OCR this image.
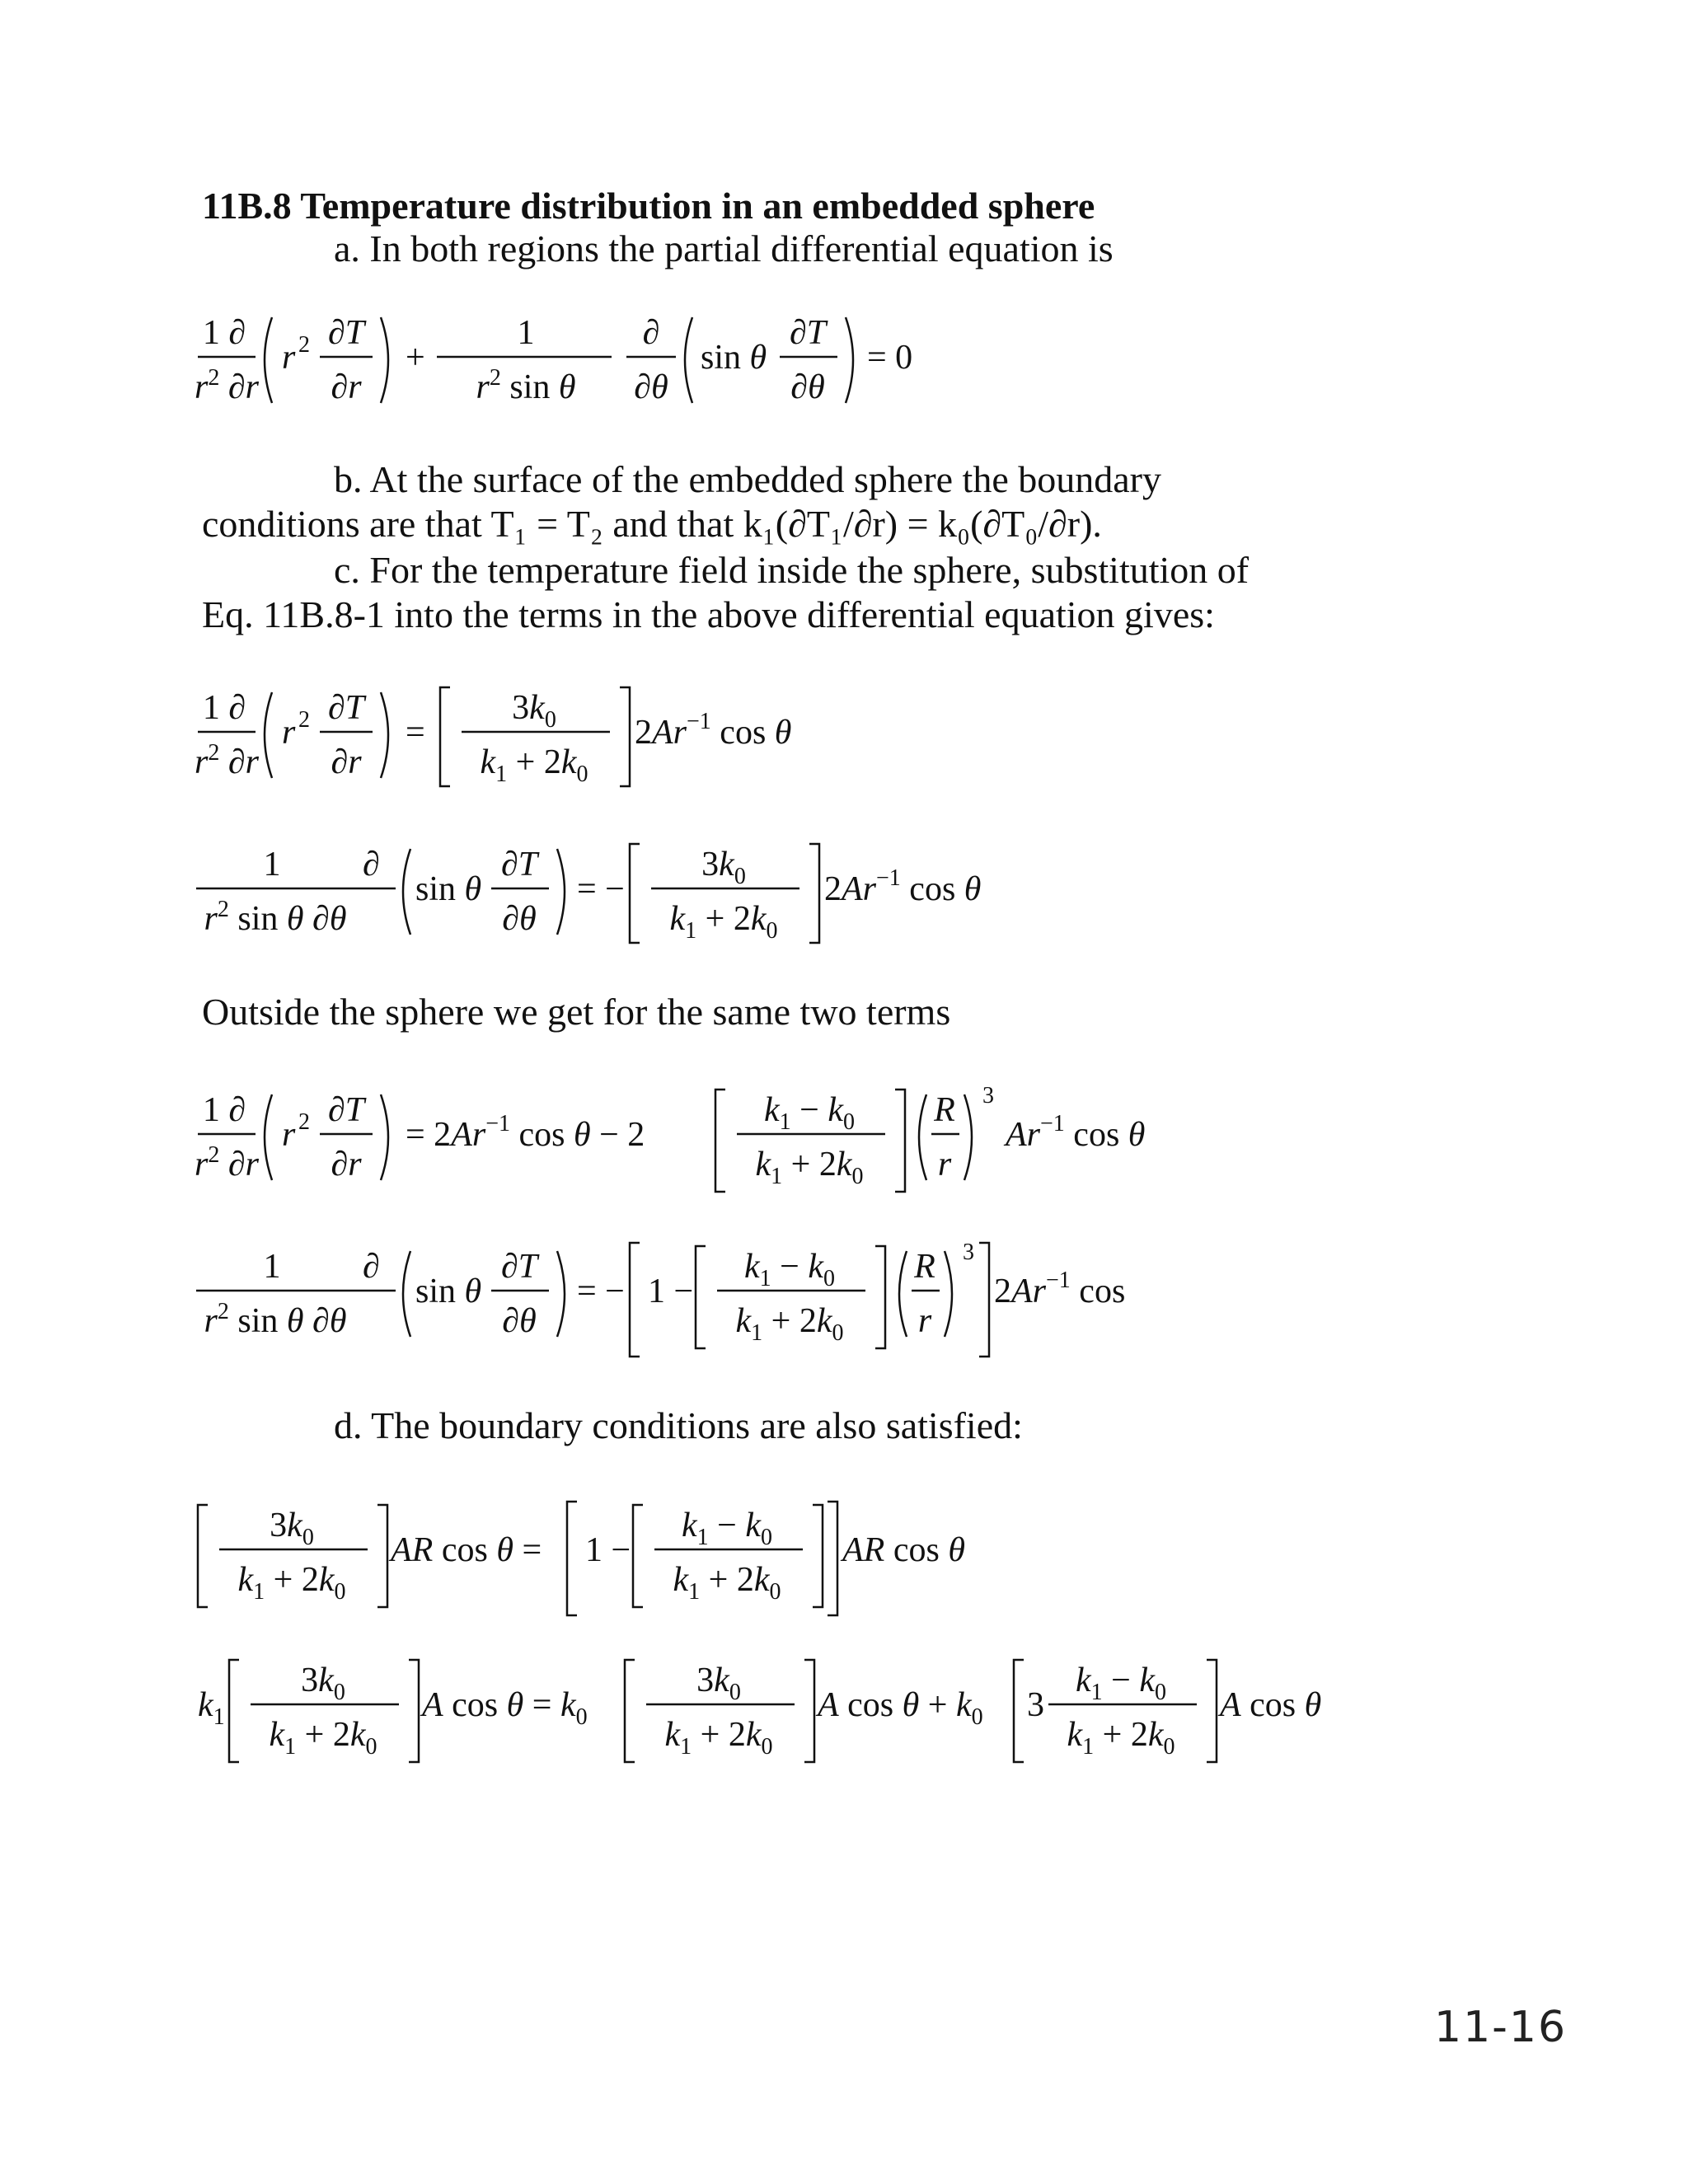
11B.8 Temperature distribution in an embedded sphere
a. In both regions the partial differential equation is
1 ∂
$r^2$ ∂r
r 2 ∂T
∂r
+
1
$r^2$ sin θ
∂
∂θ
sin θ
∂T
∂θ
= 0
b. At the surface of the embedded sphere the boundary
conditions are that T₁ = T₂ and that k₁(∂T₁/∂r) = k₀(∂T₀/∂r).
c. For the temperature field inside the sphere, substitution of
Eq. 11B.8-1 into the terms in the above differential equation gives:
1 ∂
$r^2$ ∂r
r 2 ∂T
∂r
=
$3k_0$
$k_1 + 2k_0$
$2Ar^{-1}$ cos θ
1
$r^2$ sin θ ∂θ
∂
sin θ
∂T
∂θ
= −
$3k_0$
$k_1 + 2k_0$
$2Ar^{-1}$ cos θ
Outside the sphere we get for the same two terms
1 ∂
$r^2$ ∂r
r 2 ∂T
∂r
= $2Ar^{-1}$ cos θ − 2
$k_1 - k_0$
$k_1 + 2k_0$
R
r
3
$Ar^{-1}$ cos θ
1
$r^2$ sin θ ∂θ
∂
sin θ
∂T
∂θ
= − 1 −
$k_1 - k_0$
$k_1 + 2k_0$
R
r
3
$2Ar^{-1}$ cos
d. The boundary conditions are also satisfied:
$3k_0$
$k_1 + 2k_0$
AR cos θ = 1 −
$k_1 - k_0$
$k_1 + 2k_0$
AR cos θ
$k_1$
$3k_0$
$k_1 + 2k_0$
A $\cos \theta = k_0$
$3k_0$
$k_1 + 2k_0$
A $\cos \theta + k_0$ 3
$k_1 - k_0$
$k_1 + 2k_0$
A cos θ
11-16
